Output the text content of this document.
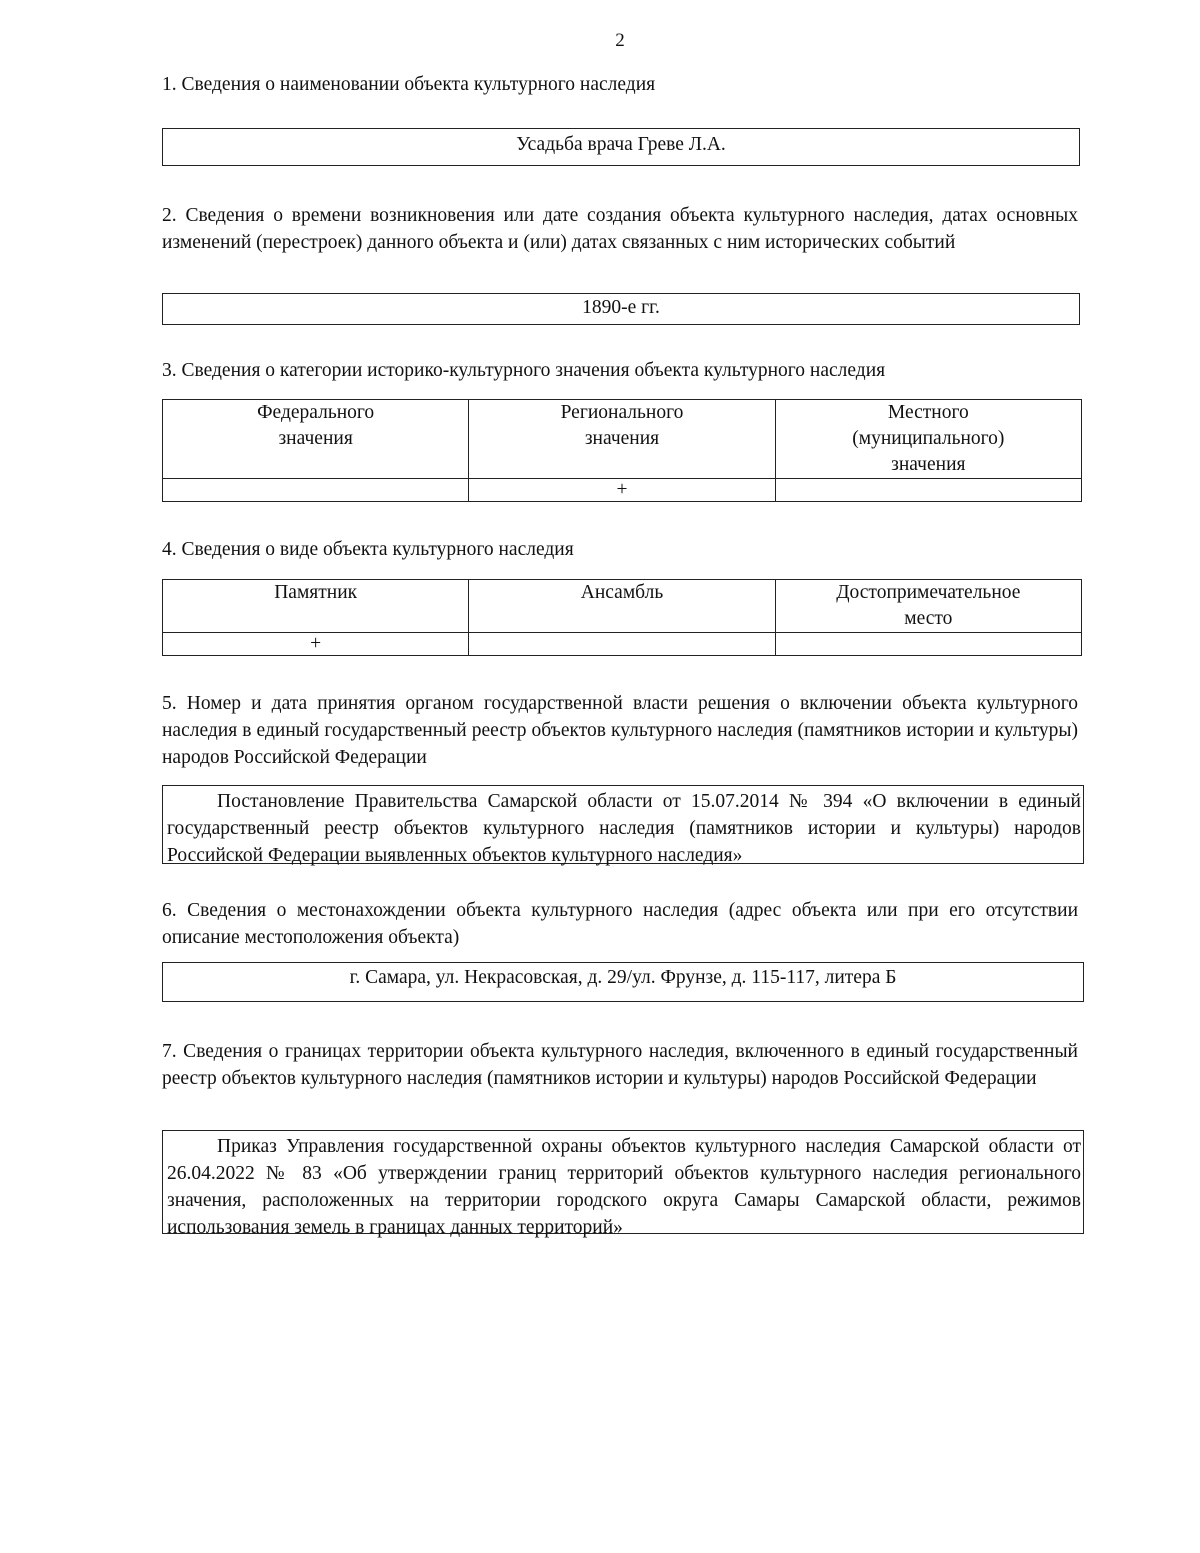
2
1. Сведения о наименовании объекта культурного наследия
Усадьба врача Греве Л.А.
2. Сведения о времени возникновения или дате создания объекта культурного наследия, датах основных изменений (перестроек) данного объекта и (или) датах связанных с ним исторических событий
1890-е гг.
3. Сведения о категории историко-культурного значения объекта культурного наследия
Федерального значения	Регионального значения	Местного (муниципального) значения
	+	
4. Сведения о виде объекта культурного наследия
Памятник	Ансамбль	Достопримечательное место
+		
5. Номер и дата принятия органом государственной власти решения о включении объекта культурного наследия в единый государственный реестр объектов культурного наследия (памятников истории и культуры) народов Российской Федерации
Постановление Правительства Самарской области от 15.07.2014 № 394 «О включении в единый государственный реестр объектов культурного наследия (памятников истории и культуры) народов Российской Федерации выявленных объектов культурного наследия»
6. Сведения о местонахождении объекта культурного наследия (адрес объекта или при его отсутствии описание местоположения объекта)
г. Самара, ул. Некрасовская, д. 29/ул. Фрунзе, д. 115-117, литера Б
7. Сведения о границах территории объекта культурного наследия, включенного в единый государственный реестр объектов культурного наследия (памятников истории и культуры) народов Российской Федерации
Приказ Управления государственной охраны объектов культурного наследия Самарской области от 26.04.2022 № 83 «Об утверждении границ территорий объектов культурного наследия регионального значения, расположенных на территории городского округа Самары Самарской области, режимов использования земель в границах данных территорий»
